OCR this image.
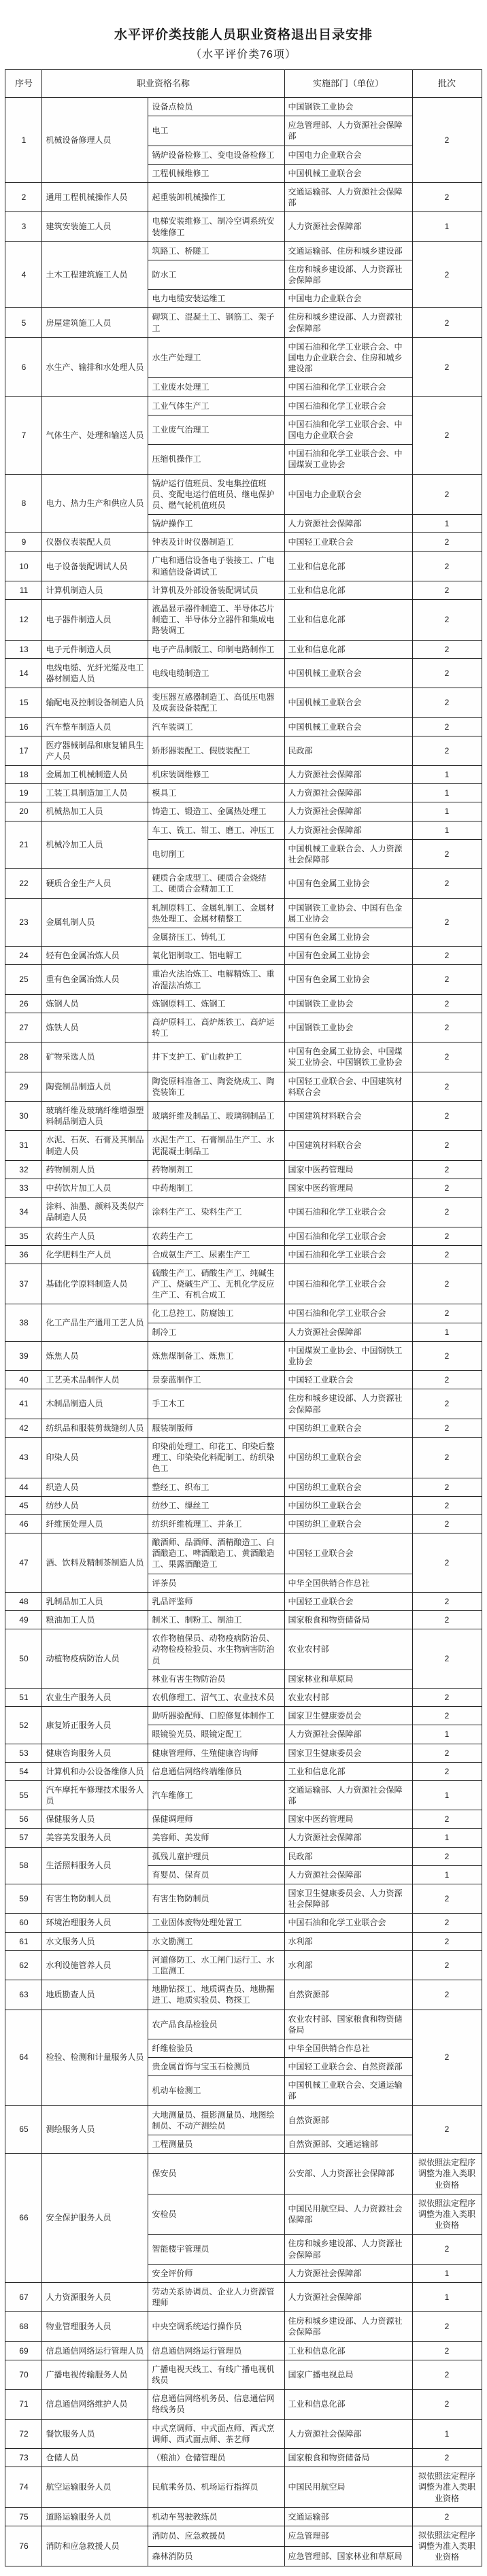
水平评价类技能人员职业资格退出目录安排
（水平评价类76项）
序号	职业资格名称		实施部门（单位）	批次
1	机械设备修理人员	设备点检员	中国钢铁工业协会	2
		电工	应急管理部、人力资源社会保障部	
		锅炉设备检修工、变电设备检修工	中国电力企业联合会	
		工程机械维修工	中国机械工业联合会	
2	通用工程机械操作人员	起重装卸机械操作工	交通运输部、人力资源社会保障部	2
3	建筑安装施工人员	电梯安装维修工、制冷空调系统安装维修工	人力资源社会保障部	1
4	土木工程建筑施工人员	筑路工、桥隧工	交通运输部、住房和城乡建设部	2
		防水工	住房和城乡建设部、人力资源社会保障部	
		电力电缆安装运维工	中国电力企业联合会	
5	房屋建筑施工人员	砌筑工、混凝土工、钢筋工、架子工	住房和城乡建设部、人力资源社会保障部	2
6	水生产、输排和水处理人员	水生产处理工	中国石油和化学工业联合会、中国电力企业联合会、住房和城乡建设部	2
		工业废水处理工	中国石油和化学工业联合会	
7	气体生产、处理和输送人员	工业气体生产工	中国石油和化学工业联合会	2
		工业废气治理工	中国石油和化学工业联合会、中国电力企业联合会	
		压缩机操作工	中国石油和化学工业联合会、中国煤炭工业协会	
8	电力、热力生产和供应人员	锅炉运行值班员、发电集控值班员、变配电运行值班员、继电保护员、燃气轮机值班员	中国电力企业联合会	2
		锅炉操作工	人力资源社会保障部	1
9	仪器仪表装配人员	钟表及计时仪器制造工	中国轻工业联合会	2
10	电子设备装配调试人员	广电和通信设备电子装接工、广电和通信设备调试工	工业和信息化部	2
11	计算机制造人员	计算机及外部设备装配调试员	工业和信息化部	2
12	电子器件制造人员	液晶显示器件制造工、半导体芯片制造工、半导体分立器件和集成电路装调工	工业和信息化部	2
13	电子元件制造人员	电子产品制版工、印制电路制作工	工业和信息化部	2
14	电线电缆、光纤光缆及电工器材制造人员	电线电缆制造工	中国机械工业联合会	2
15	输配电及控制设备制造人员	变压器互感器制造工、高低压电器及成套设备装配工	中国机械工业联合会	2
16	汽车整车制造人员	汽车装调工	中国机械工业联合会	2
17	医疗器械制品和康复辅具生产人员	矫形器装配工、假肢装配工	民政部	2
18	金属加工机械制造人员	机床装调维修工	人力资源社会保障部	1
19	工装工具制造加工人员	模具工	人力资源社会保障部	1
20	机械热加工人员	铸造工、锻造工、金属热处理工	人力资源社会保障部	1
21	机械冷加工人员	车工、铣工、钳工、磨工、冲压工	人力资源社会保障部	1
		电切削工	中国机械工业联合会、人力资源社会保障部	2
22	硬质合金生产人员	硬质合金成型工、硬质合金烧结工、硬质合金精加工工	中国有色金属工业协会	2
23	金属轧制人员	轧制原料工、金属轧制工、金属材热处理工、金属材精整工	中国钢铁工业协会、中国有色金属工业协会	2
		金属挤压工、铸轧工	中国有色金属工业协会	
24	轻有色金属冶炼人员	氧化铝制取工、铝电解工	中国有色金属工业协会	2
25	重有色金属冶炼人员	重冶火法冶炼工、电解精炼工、重冶湿法冶炼工	中国有色金属工业协会	2
26	炼钢人员	炼钢原料工、炼钢工	中国钢铁工业协会	2
27	炼铁人员	高炉原料工、高炉炼铁工、高炉运转工	中国钢铁工业协会	2
28	矿物采选人员	井下支护工、矿山救护工	中国有色金属工业协会、中国煤炭工业协会、中国钢铁工业协会	2
29	陶瓷制品制造人员	陶瓷原料准备工、陶瓷烧成工、陶瓷装饰工	中国轻工业联合会、中国建筑材料联合会	2
30	玻璃纤维及玻璃纤维增强塑料制品制造人员	玻璃纤维及制品工、玻璃钢制品工	中国建筑材料联合会	2
31	水泥、石灰、石膏及其制品制造人员	水泥生产工、石膏制品生产工、水泥混凝土制品工	中国建筑材料联合会	2
32	药物制剂人员	药物制剂工	国家中医药管理局	2
33	中药饮片加工人员	中药炮制工	国家中医药管理局	2
34	涂料、油墨、颜料及类似产品制造人员	涂料生产工、染料生产工	中国石油和化学工业联合会	2
35	农药生产人员	农药生产工	中国石油和化学工业联合会	2
36	化学肥料生产人员	合成氨生产工、尿素生产工	中国石油和化学工业联合会	2
37	基础化学原料制造人员	硫酸生产工、硝酸生产工、纯碱生产工、烧碱生产工、无机化学反应生产工、有机合成工	中国石油和化学工业联合会	2
38	化工产品生产通用工艺人员	化工总控工、防腐蚀工	中国石油和化学工业联合会	2
		制冷工	人力资源社会保障部	1
39	炼焦人员	炼焦煤制备工、炼焦工	中国煤炭工业协会、中国钢铁工业协会	2
40	工艺美术品制作人员	景泰蓝制作工	中国轻工业联合会	2
41	木制品制造人员	手工木工	住房和城乡建设部、人力资源社会保障部	2
42	纺织品和服装剪裁缝纫人员	服装制版师	中国纺织工业联合会	2
43	印染人员	印染前处理工、印花工、印染后整理工、印染染化料配制工、纺织染色工	中国纺织工业联合会	2
44	织造人员	整经工、织布工	中国纺织工业联合会	2
45	纺纱人员	纺纱工、缫丝工	中国纺织工业联合会	2
46	纤维预处理人员	纺织纤维梳理工、并条工	中国纺织工业联合会	2
47	酒、饮料及精制茶制造人员	酿酒师、品酒师、酒精酿造工、白酒酿造工、啤酒酿造工、黄酒酿造工、果露酒酿造工	中国轻工业联合会	2
		评茶员	中华全国供销合作总社	
48	乳制品加工人员	乳品评鉴师	中国轻工业联合会	2
49	粮油加工人员	制米工、制粉工、制油工	国家粮食和物资储备局	2
50	动植物疫病防治人员	农作物植保员、动物疫病防治员、动物检疫检验员、水生物病害防治员	农业农村部	2
		林业有害生物防治员	国家林业和草原局	
51	农业生产服务人员	农机修理工、沼气工、农业技术员	农业农村部	2
52	康复矫正服务人员	助听器验配师、口腔修复体制作工	国家卫生健康委员会	2
		眼镜验光员、眼镜定配工	人力资源社会保障部	1
53	健康咨询服务人员	健康管理师、生殖健康咨询师	国家卫生健康委员会	2
54	计算机和办公设备维修人员	信息通信网络终端维修员	工业和信息化部	2
55	汽车摩托车修理技术服务人员	汽车维修工	交通运输部、人力资源社会保障部	1
56	保健服务人员	保健调理师	国家中医药管理局	2
57	美容美发服务人员	美容师、美发师	人力资源社会保障部	1
58	生活照料服务人员	孤残儿童护理员	民政部	2
		育婴员、保育员	人力资源社会保障部	1
59	有害生物防制人员	有害生物防制员	国家卫生健康委员会、人力资源社会保障部	2
60	环境治理服务人员	工业固体废物处理处置工	中国石油和化学工业联合会	2
61	水文服务人员	水文勘测工	水利部	2
62	水利设施管养人员	河道修防工、水工闸门运行工、水工监测工	水利部	2
63	地质勘查人员	地勘钻探工、地质调查员、地勘掘进工、地质实验员、物探工	自然资源部	2
64	检验、检测和计量服务人员	农产品食品检验员	农业农村部、国家粮食和物资储备局	2
		纤维检验员	中华全国供销合作总社	
		贵金属首饰与宝玉石检测员	中国轻工业联合会、自然资源部	
		机动车检测工	中国机械工业联合会、交通运输部	
65	测绘服务人员	大地测量员、摄影测量员、地图绘制员、不动产测绘员	自然资源部	2
		工程测量员	自然资源部、交通运输部	
66	安全保护服务人员	保安员	公安部、人力资源社会保障部	拟依照法定程序调整为准入类职业资格
		安检员	中国民用航空局、人力资源社会保障部	拟依照法定程序调整为准入类职业资格
		智能楼宇管理员	住房和城乡建设部、人力资源社会保障部	2
		安全评价师	人力资源社会保障部	1
67	人力资源服务人员	劳动关系协调员、企业人力资源管理师	人力资源社会保障部	1
68	物业管理服务人员	中央空调系统运行操作员	住房和城乡建设部、人力资源社会保障部	2
69	信息通信网络运行管理人员	信息通信网络运行管理员	工业和信息化部	2
70	广播电视传输服务人员	广播电视天线工、有线广播电视机线员	国家广播电视总局	2
71	信息通信网络维护人员	信息通信网络机务员、信息通信网络线务员	工业和信息化部	2
72	餐饮服务人员	中式烹调师、中式面点师、西式烹调师、西式面点师、茶艺师	人力资源社会保障部	1
73	仓储人员	（粮油）仓储管理员	国家粮食和物资储备局	2
74	航空运输服务人员	民航乘务员、机场运行指挥员	中国民用航空局	拟依照法定程序调整为准入类职业资格
75	道路运输服务人员	机动车驾驶教练员	交通运输部	2
76	消防和应急救援人员	消防员、应急救援员	应急管理部	拟依照法定程序调整为准入类职业资格
		森林消防员	应急管理部、国家林业和草原局	
